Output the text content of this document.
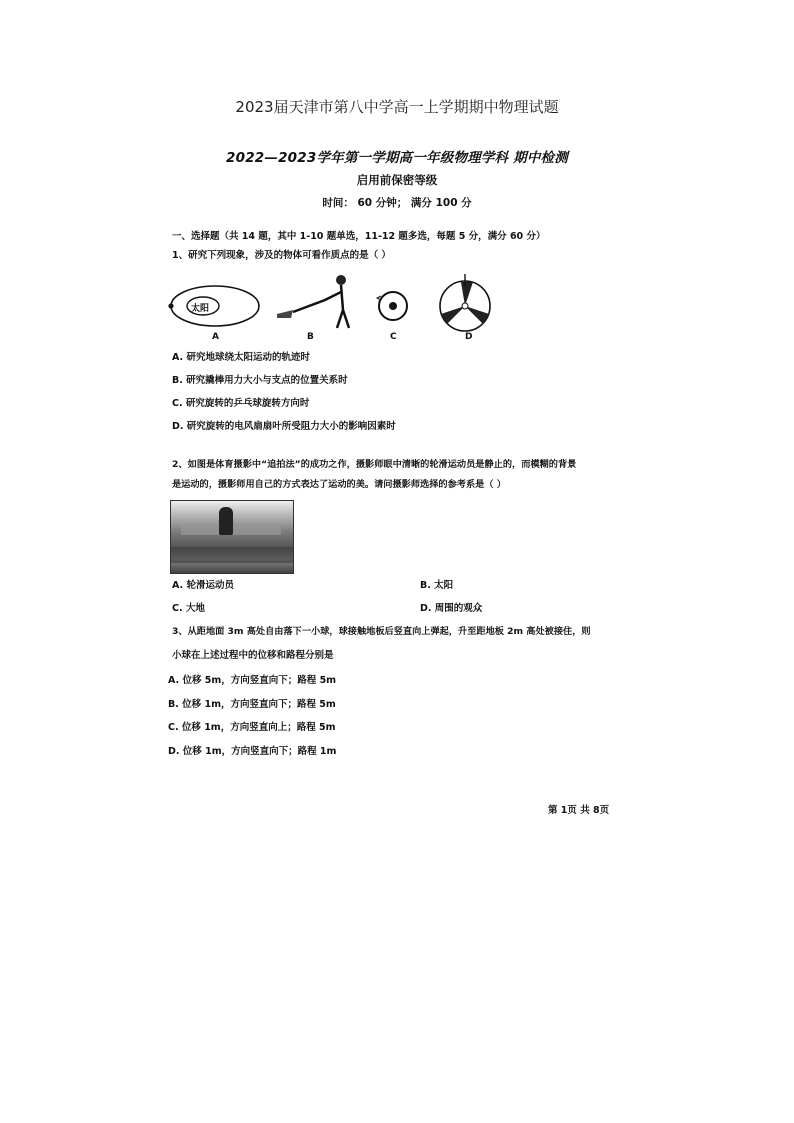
2023届天津市第八中学高一上学期期中物理试题
2022—2023学年第一学期高一年级物理学科 期中检测
启用前保密等级
时间： 60 分钟； 满分 100 分
一、选择题（共 14 题，其中 1-10 题单选，11-12 题多选，每题 5 分，满分 60 分）
1、研究下列现象，涉及的物体可看作质点的是（ ）
太阳
A	B	C	D
A. 研究地球绕太阳运动的轨迹时
B. 研究撬棒用力大小与支点的位置关系时
C. 研究旋转的乒乓球旋转方向时
D. 研究旋转的电风扇扇叶所受阻力大小的影响因素时
2、如图是体育摄影中“追拍法”的成功之作，摄影师眼中清晰的轮滑运动员是静止的，而模糊的背景
是运动的，摄影师用自己的方式表达了运动的美。请问摄影师选择的参考系是（ ）
A. 轮滑运动员	B. 太阳
C. 大地	D. 周围的观众
3、从距地面 3m 高处自由落下一小球，球接触地板后竖直向上弹起，升至距地板 2m 高处被接住，则
小球在上述过程中的位移和路程分别是
A. 位移 5m，方向竖直向下；路程 5m
B. 位移 1m，方向竖直向下；路程 5m
C. 位移 1m，方向竖直向上；路程 5m
D. 位移 1m，方向竖直向下；路程 1m
第 1页 共 8页
